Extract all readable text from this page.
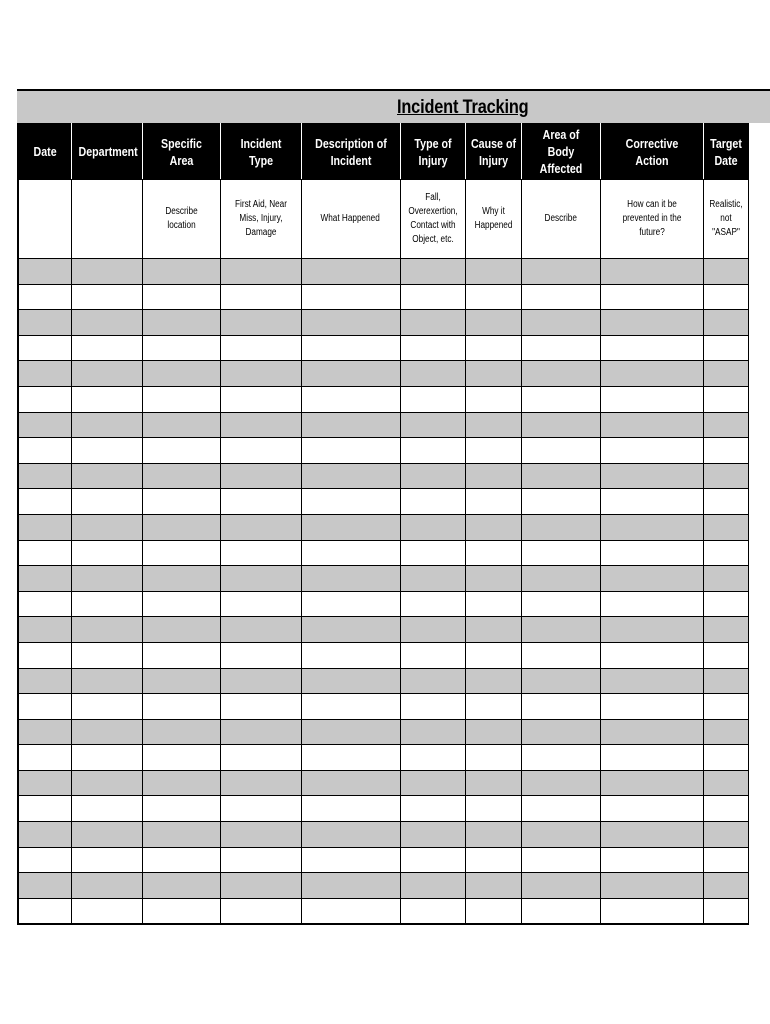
Incident Tracking
Date	Department	Specific Area	Incident Type	Description of Incident	Type of Injury	Cause of Injury	Area of Body Affected	Corrective Action	Target Date
		Describe location	First Aid, Near Miss, Injury, Damage	What Happened	Fall, Overexertion, Contact with Object, etc.	Why it Happened	Describe	How can it be prevented in the future?	Realistic, not "ASAP"
